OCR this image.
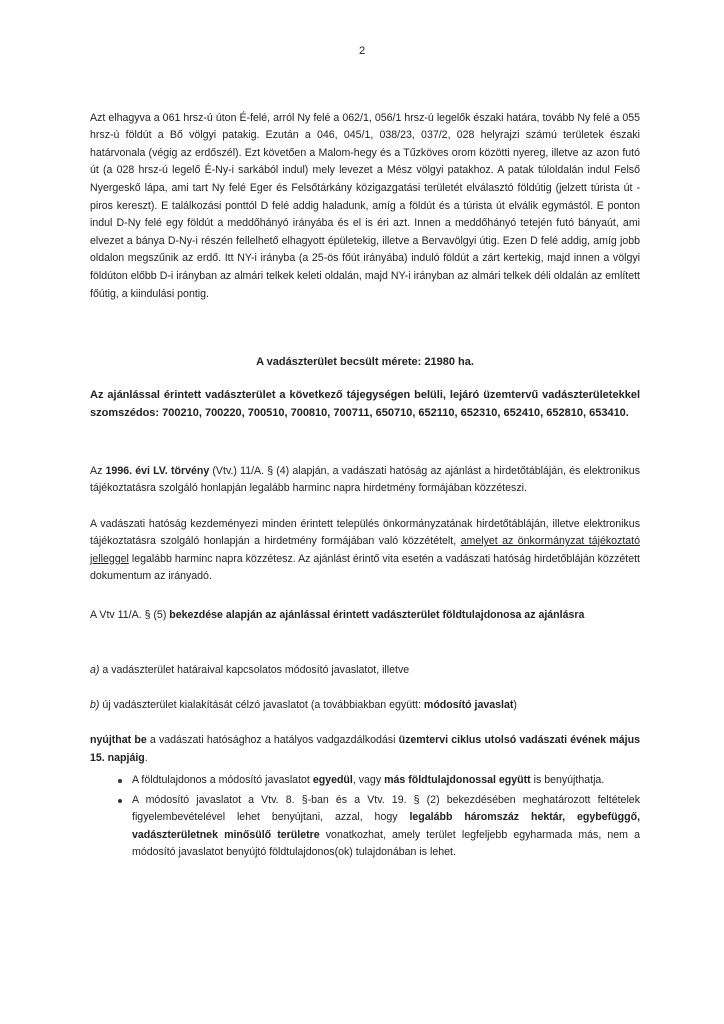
2

Azt elhagyva a 061 hrsz-ú úton É-felé, arról Ny felé a 062/1, 056/1 hrsz-ú legelők északi határa, tovább Ny felé a 055 hrsz-ú földút a Bő völgyi patakig. Ezután a 046, 045/1, 038/23, 037/2, 028 helyrajzi számú területek északi határvonala (végig az erdőszél). Ezt követően a Malom-hegy és a Tűzköves orom közötti nyereg, illetve az azon futó út (a 028 hrsz-ú legelő É-Ny-i sarkából indul) mely levezet a Mész völgyi patakhoz. A patak túloldalán indul Felső Nyergeskő lápa, ami tart Ny felé Eger és Felsőtárkány közigazgatási területét elválasztó földútig (jelzett túrista út - piros kereszt). E találkozási ponttól D felé addig haladunk, amíg a földút és a túrista út elválik egymástól. E ponton indul D-Ny felé egy földút a meddőhányó irányába és el is éri azt. Innen a meddőhányó tetején futó bányaút, ami elvezet a bánya D-Ny-i részén fellelhető elhagyott épületekig, illetve a Bervavölgyi útig. Ezen D felé addig, amíg jobb oldalon megszűnik az erdő. Itt NY-i irányba (a 25-ös főút irányába) induló földút a zárt kertekig, majd innen a völgyi földúton előbb D-i irányban az almári telkek keleti oldalán, majd NY-i irányban az almári telkek déli oldalán az említett főútig, a kiindulási pontig.

A vadászterület becsült mérete: 21980 ha.

Az ajánlással érintett vadászterület a következő tájegységen belüli, lejáró üzemtervű vadászterületekkel szomszédos: 700210, 700220, 700510, 700810, 700711, 650710, 652110, 652310, 652410, 652810, 653410.

Az 1996. évi LV. törvény (Vtv.) 11/A. § (4) alapján, a vadászati hatóság az ajánlást a hirdetőtábláján, és elektronikus tájékoztatásra szolgáló honlapján legalább harminc napra hirdetmény formájában közzéteszi.

A vadászati hatóság kezdeményezi minden érintett település önkormányzatának hirdetőtábláján, illetve elektronikus tájékoztatásra szolgáló honlapján a hirdetmény formájában való közzétételt, amelyet az önkormányzat tájékoztató jelleggel legalább harminc napra közzétesz. Az ajánlást érintő vita esetén a vadászati hatóság hirdetőbláján közzétett dokumentum az irányadó.

A Vtv 11/A. § (5) bekezdése alapján az ajánlással érintett vadászterület földtulajdonosa az ajánlásra

a) a vadászterület határaival kapcsolatos módosító javaslatot, illetve

b) új vadászterület kialakítását célzó javaslatot (a továbbiakban együtt: módosító javaslat)

nyújthat be a vadászati hatósághoz a hatályos vadgazdálkodási üzemtervi ciklus utolsó vadászati évének május 15. napjáig.

A földtulajdonos a módosító javaslatot egyedül, vagy más földtulajdonossal együtt is benyújthatja.
A módosító javaslatot a Vtv. 8. §-ban és a Vtv. 19. § (2) bekezdésében meghatározott feltételek figyelembevételével lehet benyújtani, azzal, hogy legalább háromszáz hektár, egybefüggő, vadászterületnek minősülő területre vonatkozhat, amely terület legfeljebb egyharmada más, nem a módosító javaslatot benyújtó földtulajdonos(ok) tulajdonában is lehet.
